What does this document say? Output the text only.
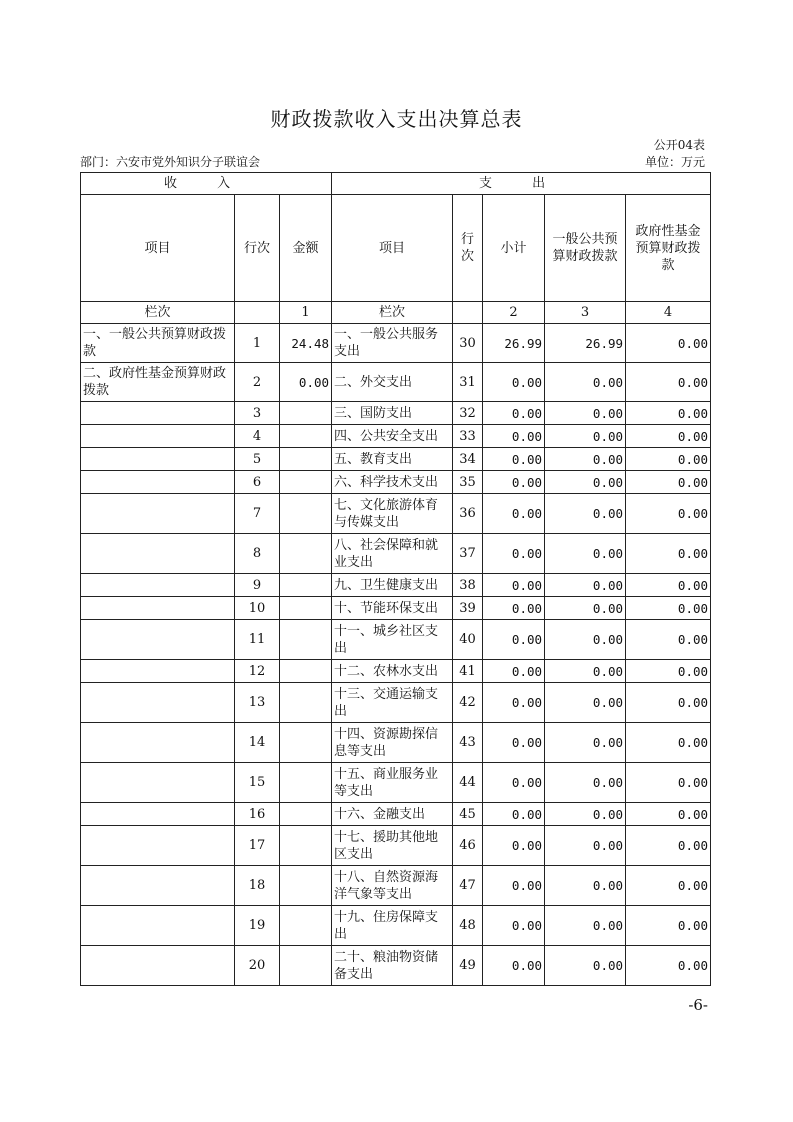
财政拨款收入支出决算总表
公开04表
部门：六安市党外知识分子联谊会	单位：万元
收 入			支 出				
项目	行次	金额	项目	行次	小计	一般公共预算财政拨款	政府性基金预算财政拨款
栏次		1	栏次		2	3	4
一、一般公共预算财政拨款	1	24.48	一、一般公共服务支出	30	26.99	26.99	0.00
二、政府性基金预算财政拨款	2	0.00	二、外交支出	31	0.00	0.00	0.00
	3		三、国防支出	32	0.00	0.00	0.00
	4		四、公共安全支出	33	0.00	0.00	0.00
	5		五、教育支出	34	0.00	0.00	0.00
	6		六、科学技术支出	35	0.00	0.00	0.00
	7		七、文化旅游体育与传媒支出	36	0.00	0.00	0.00
	8		八、社会保障和就业支出	37	0.00	0.00	0.00
	9		九、卫生健康支出	38	0.00	0.00	0.00
	10		十、节能环保支出	39	0.00	0.00	0.00
	11		十一、城乡社区支出	40	0.00	0.00	0.00
	12		十二、农林水支出	41	0.00	0.00	0.00
	13		十三、交通运输支出	42	0.00	0.00	0.00
	14		十四、资源勘探信息等支出	43	0.00	0.00	0.00
	15		十五、商业服务业等支出	44	0.00	0.00	0.00
	16		十六、金融支出	45	0.00	0.00	0.00
	17		十七、援助其他地区支出	46	0.00	0.00	0.00
	18		十八、自然资源海洋气象等支出	47	0.00	0.00	0.00
	19		十九、住房保障支出	48	0.00	0.00	0.00
	20		二十、粮油物资储备支出	49	0.00	0.00	0.00
-6-
